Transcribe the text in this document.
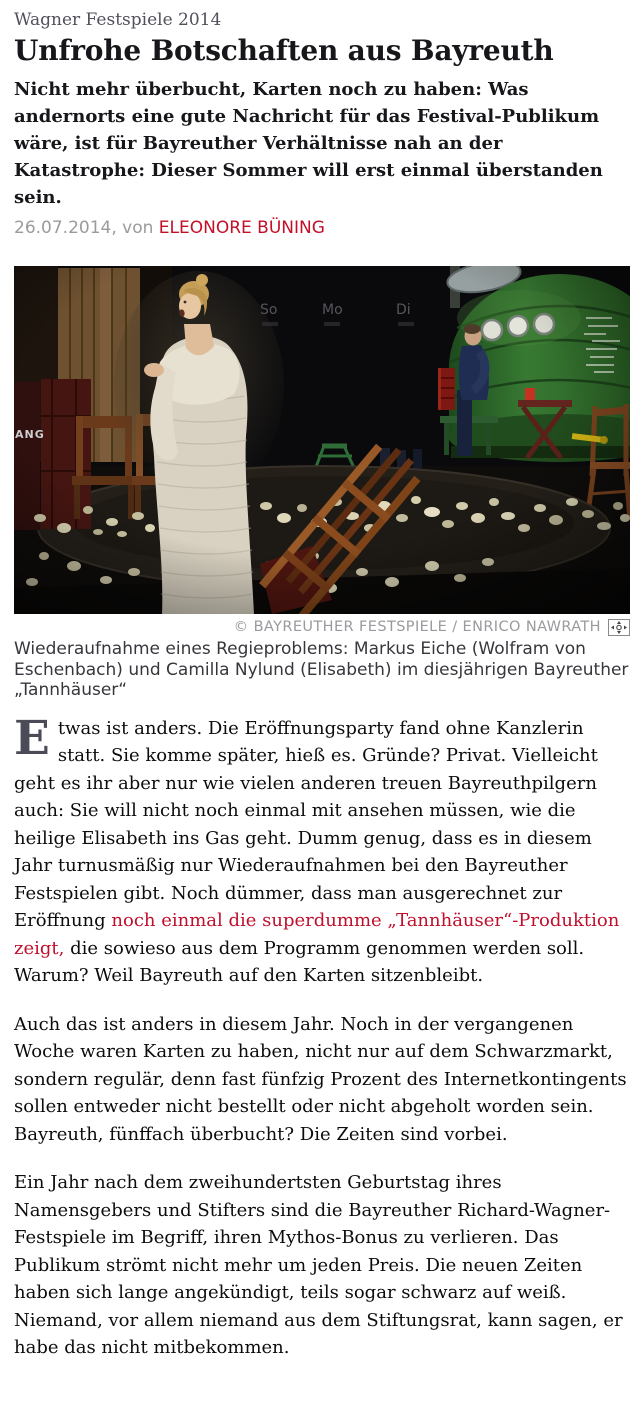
Wagner Festspiele 2014
Unfrohe Botschaften aus Bayreuth

Nicht mehr überbucht, Karten noch zu haben: Was andernorts eine gute Nachricht für das Festival-Publikum wäre, ist für Bayreuther Verhältnisse nah an der Katastrophe: Dieser Sommer will erst einmal überstanden sein.

26.07.2014, von ELEONORE BÜNING
© BAYREUTHER FESTSPIELE / ENRICO NAWRATH
Wiederaufnahme eines Regieproblems: Markus Eiche (Wolfram von Eschenbach) und Camilla Nylund (Elisabeth) im diesjährigen Bayreuther „Tannhäuser“

Etwas ist anders. Die Eröffnungsparty fand ohne Kanzlerin statt. Sie komme später, hieß es. Gründe? Privat. Vielleicht geht es ihr aber nur wie vielen anderen treuen Bayreuthpilgern auch: Sie will nicht noch einmal mit ansehen müssen, wie die heilige Elisabeth ins Gas geht. Dumm genug, dass es in diesem Jahr turnusmäßig nur Wiederaufnahmen bei den Bayreuther Festspielen gibt. Noch dümmer, dass man ausgerechnet zur Eröffnung noch einmal die superdumme „Tannhäuser“-Produktion zeigt, die sowieso aus dem Programm genommen werden soll. Warum? Weil Bayreuth auf den Karten sitzenbleibt.

Auch das ist anders in diesem Jahr. Noch in der vergangenen Woche waren Karten zu haben, nicht nur auf dem Schwarzmarkt, sondern regulär, denn fast fünfzig Prozent des Internetkontingents sollen entweder nicht bestellt oder nicht abgeholt worden sein. Bayreuth, fünffach überbucht? Die Zeiten sind vorbei.

Ein Jahr nach dem zweihundertsten Geburtstag ihres Namensgebers und Stifters sind die Bayreuther Richard-Wagner-Festspiele im Begriff, ihren Mythos-Bonus zu verlieren. Das Publikum strömt nicht mehr um jeden Preis. Die neuen Zeiten haben sich lange angekündigt, teils sogar schwarz auf weiß. Niemand, vor allem niemand aus dem Stiftungsrat, kann sagen, er habe das nicht mitbekommen.
